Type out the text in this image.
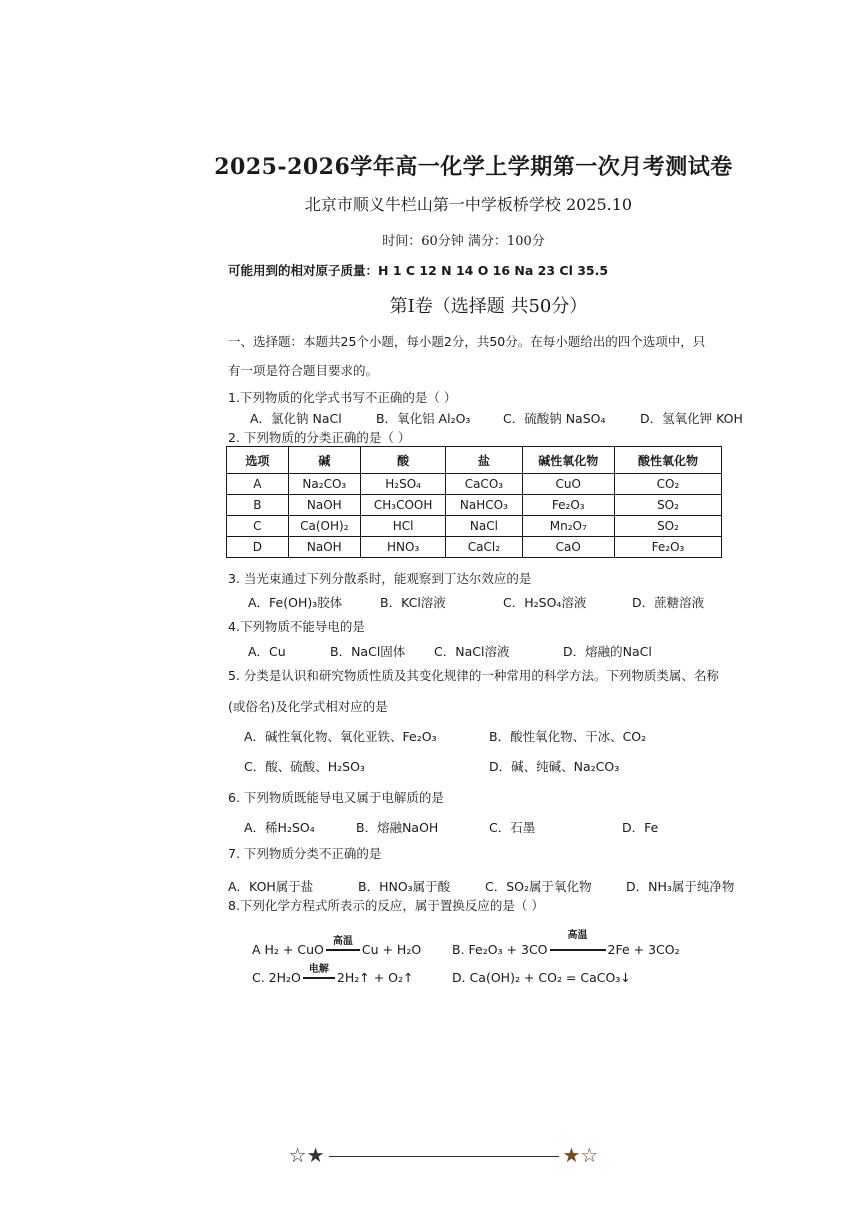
2025-2026学年高一化学上学期第一次月考测试卷
北京市顺义牛栏山第一中学板桥学校 2025.10
时间：60分钟 满分：100分
可能用到的相对原子质量：H 1 C 12 N 14 O 16 Na 23 Cl 35.5
第I卷（选择题 共50分）
一、选择题：本题共25个小题，每小题2分，共50分。在每小题给出的四个选项中，只
有一项是符合题目要求的。
1.下列物质的化学式书写不正确的是（ ）
A．氯化钠 NaCl	B．氧化铝 Al₂O₃	C．硫酸钠 NaSO₄	D．氢氧化钾 KOH
2. 下列物质的分类正确的是（ ）
选项	碱	酸	盐	碱性氧化物	酸性氧化物
A	Na₂CO₃	H₂SO₄	CaCO₃	CuO	CO₂
B	NaOH	CH₃COOH	NaHCO₃	Fe₂O₃	SO₂
C	Ca(OH)₂	HCl	NaCl	Mn₂O₇	SO₂
D	NaOH	HNO₃	CaCl₂	CaO	Fe₂O₃
3. 当光束通过下列分散系时，能观察到丁达尔效应的是
A．Fe(OH)₃胶体	B．KCl溶液	C．H₂SO₄溶液	D．蔗糖溶液
4.下列物质不能导电的是
A．Cu	B．NaCl固体 C．NaCl溶液	D．熔融的NaCl
5. 分类是认识和研究物质性质及其变化规律的一种常用的科学方法。下列物质类属、名称
(或俗名)及化学式相对应的是
A．碱性氧化物、氧化亚铁、Fe₂O₃	B．酸性氧化物、干冰、CO₂
C．酸、硫酸、H₂SO₃	D．碱、纯碱、Na₂CO₃
6. 下列物质既能导电又属于电解质的是
A．稀H₂SO₄	B．熔融NaOH	C．石墨	D．Fe
7. 下列物质分类不正确的是
A．KOH属于盐	B．HNO₃属于酸	C．SO₂属于氧化物	D．NH₃属于纯净物
8.下列化学方程式所表示的反应，属于置换反应的是（ ）
A H₂ + CuO
高温
Cu + H₂O B. Fe₂O₃ + 3CO
高温
2Fe + 3CO₂
C. 2H₂O
电解
2H₂↑ + O₂↑	D. Ca(OH)₂ + CO₂ = CaCO₃↓
☆★	★☆
